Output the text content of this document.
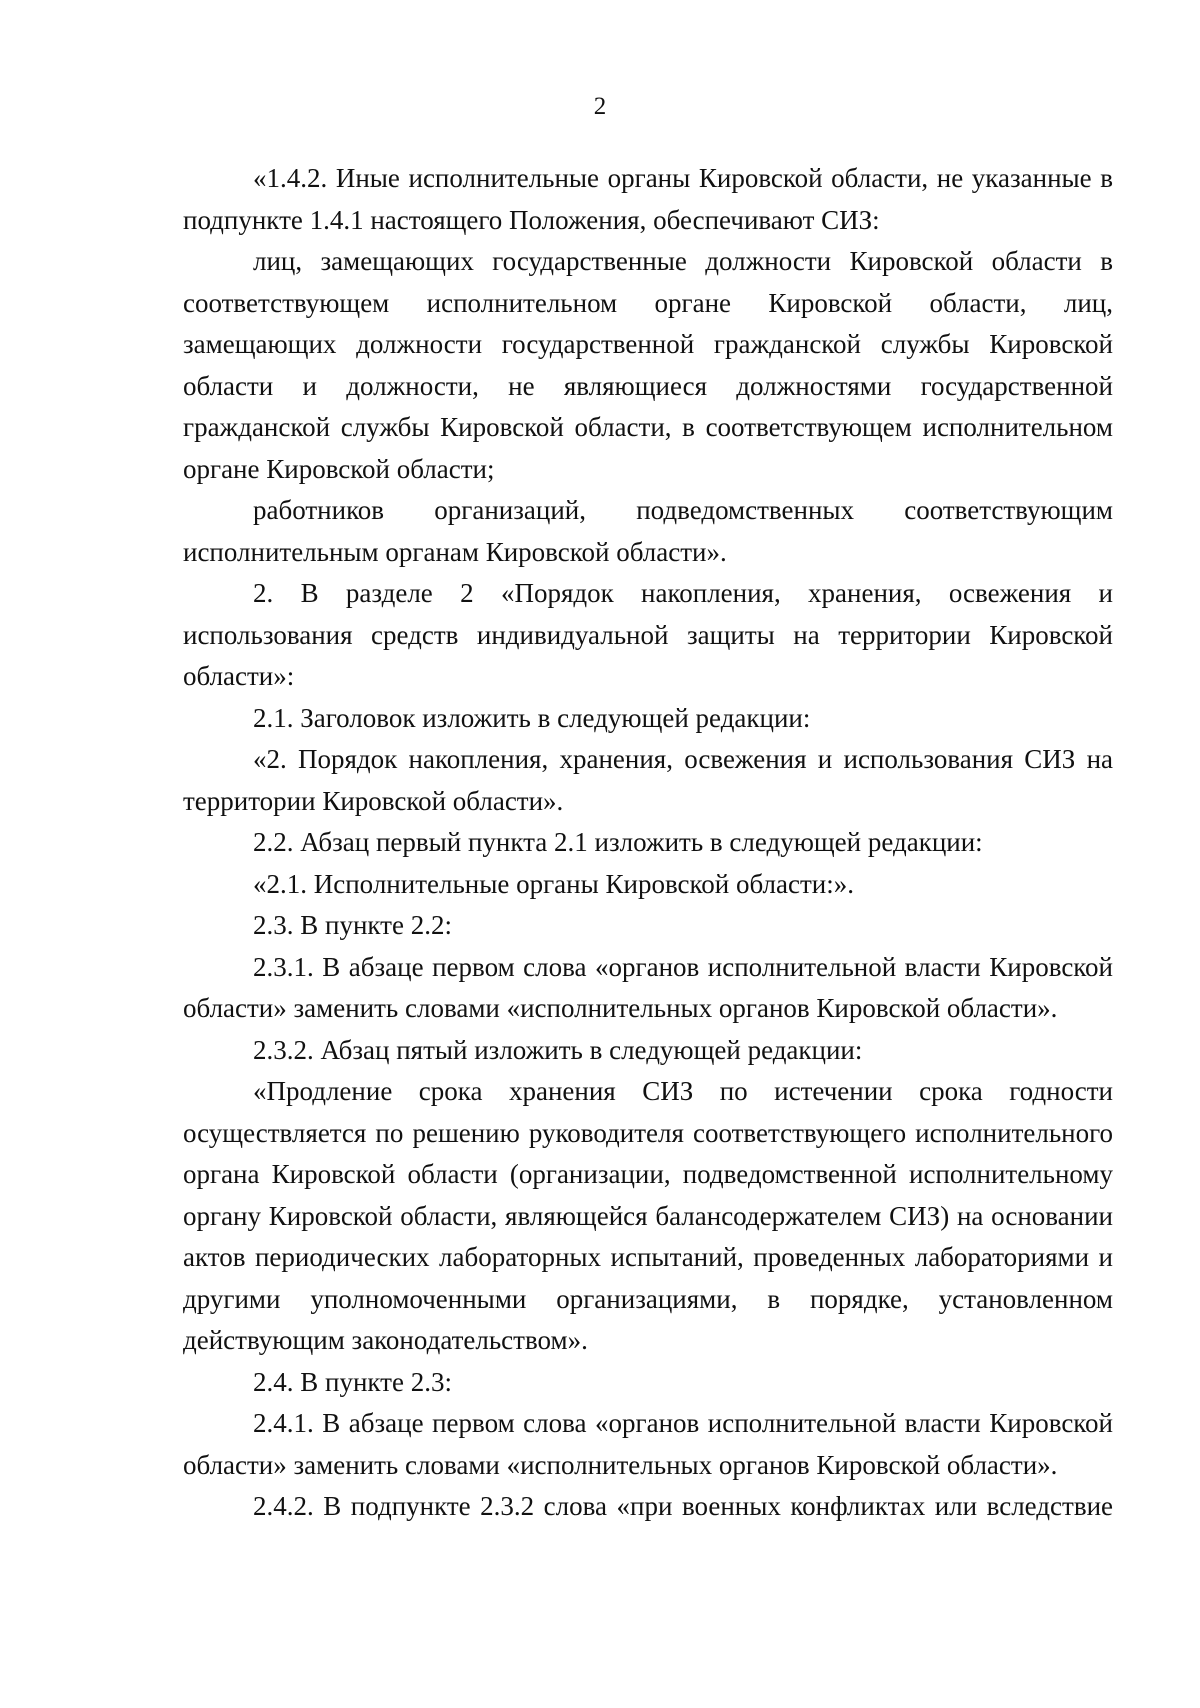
2

«1.4.2. Иные исполнительные органы Кировской области, не указанные в подпункте 1.4.1 настоящего Положения, обеспечивают СИЗ:

лиц, замещающих государственные должности Кировской области в соответствующем исполнительном органе Кировской области, лиц, замещающих должности государственной гражданской службы Кировской области и должности, не являющиеся должностями государственной гражданской службы Кировской области, в соответствующем исполнительном органе Кировской области;

работников организаций, подведомственных соответствующим исполнительным органам Кировской области».

2. В разделе 2 «Порядок накопления, хранения, освежения и использования средств индивидуальной защиты на территории Кировской области»:

2.1. Заголовок изложить в следующей редакции:

«2. Порядок накопления, хранения, освежения и использования СИЗ на территории Кировской области».

2.2. Абзац первый пункта 2.1 изложить в следующей редакции:

«2.1. Исполнительные органы Кировской области:».

2.3. В пункте 2.2:

2.3.1. В абзаце первом слова «органов исполнительной власти Кировской области» заменить словами «исполнительных органов Кировской области».

2.3.2. Абзац пятый изложить в следующей редакции:

«Продление срока хранения СИЗ по истечении срока годности осуществляется по решению руководителя соответствующего исполнительного органа Кировской области (организации, подведомственной исполнительному органу Кировской области, являющейся балансодержателем СИЗ) на основании актов периодических лабораторных испытаний, проведенных лабораториями и другими уполномоченными организациями, в порядке, установленном действующим законодательством».

2.4. В пункте 2.3:

2.4.1. В абзаце первом слова «органов исполнительной власти Кировской области» заменить словами «исполнительных органов Кировской области».

2.4.2. В подпункте 2.3.2 слова «при военных конфликтах или вследствие
